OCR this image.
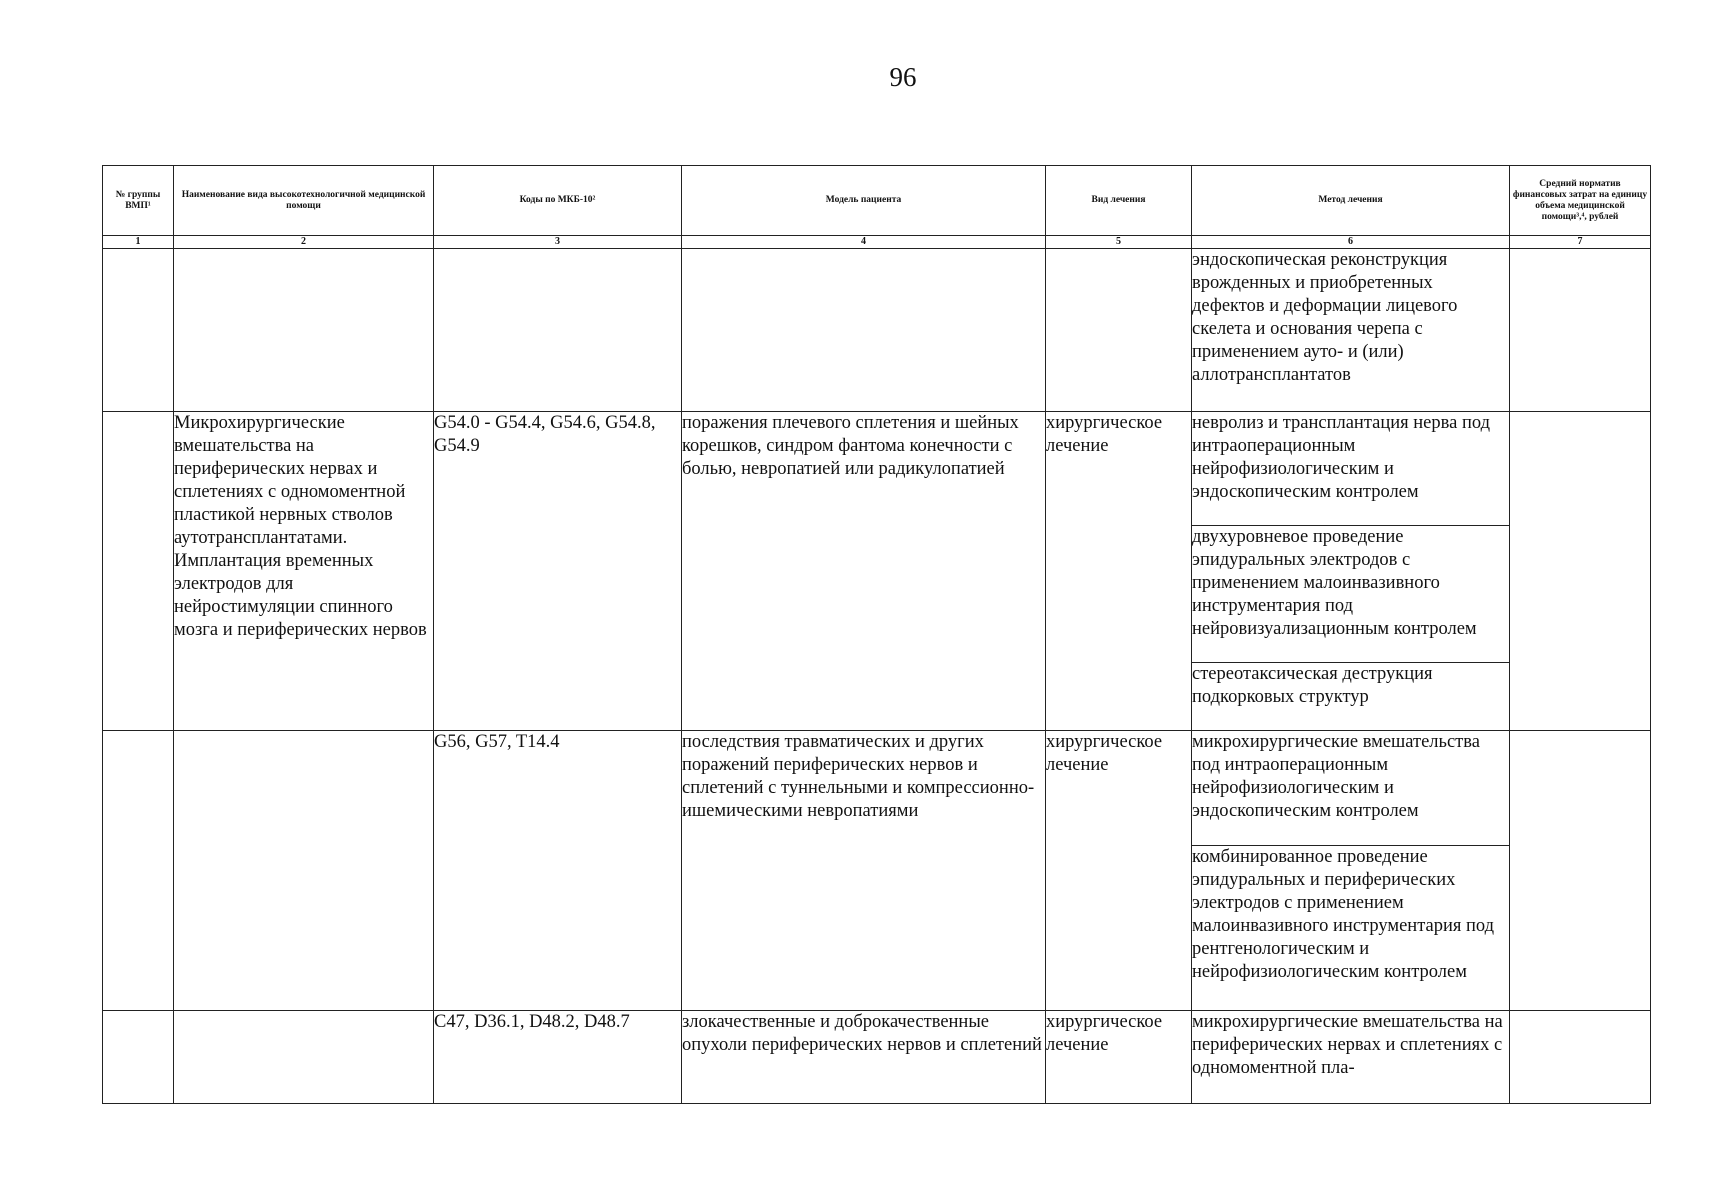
96
№ группы ВМП¹	Наименование вида высокотехнологичной медицинской помощи	Коды по МКБ-10²	Модель пациента	Вид лечения	Метод лечения	Средний норматив финансовых затрат на единицу объема медицинской помощи³,⁴, рублей
1	2	3	4	5	6	7
					эндоскопическая реконструкция врожденных и приобретенных дефектов и деформации лицевого скелета и основания черепа с применением ауто- и (или) аллотрансплантатов	
	Микрохирургические вмешательства на периферических нервах и сплетениях с одномоментной пластикой нервных стволов аутотрансплантатами. Имплантация временных электродов для нейростимуляции спинного мозга и периферических нервов	G54.0 - G54.4, G54.6, G54.8, G54.9	поражения плечевого сплетения и шейных корешков, синдром фантома конечности с болью, невропатией или радикулопатией	хирургическое лечение	невролиз и трансплантация нерва под интраоперационным нейрофизиологическим и эндоскопическим контролем	
					двухуровневое проведение эпидуральных электродов с применением малоинвазивного инструментария под нейровизуализационным контролем	
					стереотаксическая деструкция подкорковых структур	
		G56, G57, T14.4	последствия травматических и других поражений периферических нервов и сплетений с туннельными и компрессионно-ишемическими невропатиями	хирургическое лечение	микрохирургические вмешательства под интраоперационным нейрофизиологическим и эндоскопическим контролем	
					комбинированное проведение эпидуральных и периферических электродов с применением малоинвазивного инструментария под рентгенологическим и нейрофизиологическим контролем	
		C47, D36.1, D48.2, D48.7	злокачественные и доброкачественные опухоли периферических нервов и сплетений	хирургическое лечение	микрохирургические вмешательства на периферических нервах и сплетениях с одномоментной пла-	
